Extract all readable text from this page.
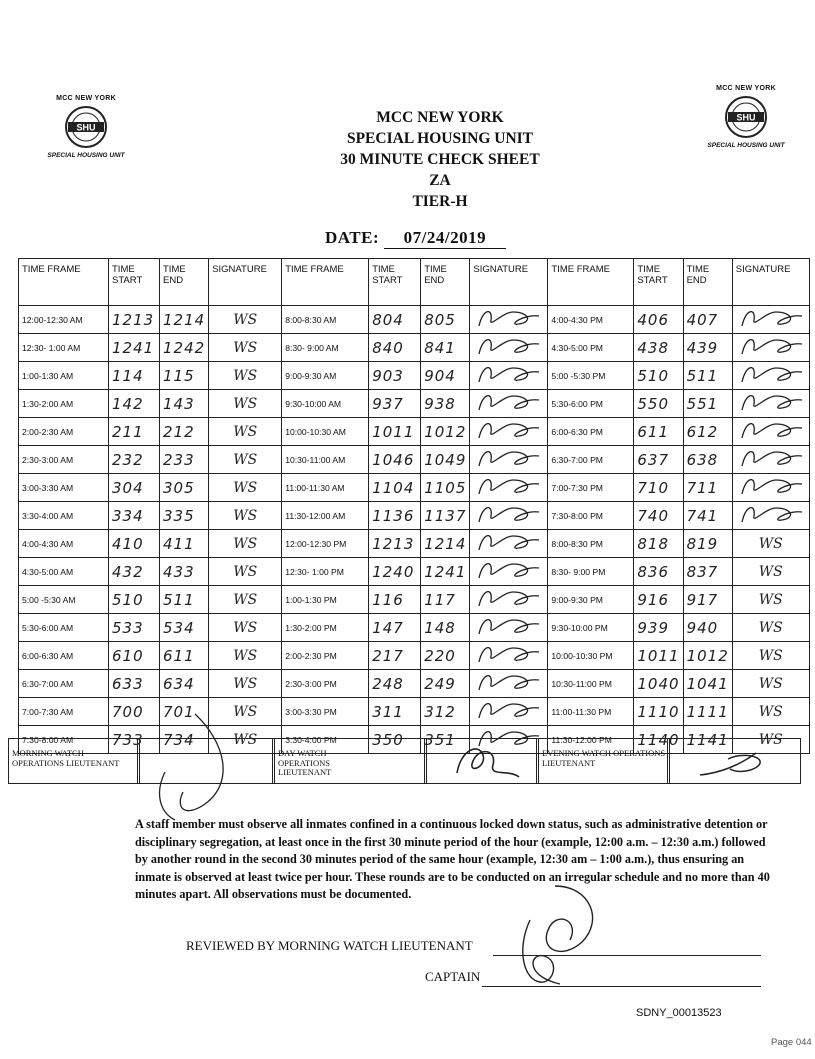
MCC NEW YORK
SHU
SPECIAL HOUSING UNIT
MCC NEW YORK
SHU
SPECIAL HOUSING UNIT
MCC NEW YORK
SPECIAL HOUSING UNIT
30 MINUTE CHECK SHEET
ZA
TIER-H
DATE: 07/24/2019
TIME FRAME	TIME START	TIME END	SIGNATURE	TIME FRAME	TIME START	TIME END	SIGNATURE	TIME FRAME	TIME START	TIME END	SIGNATURE
12:00-12:30 AM	1213	1214	WS	8:00-8:30 AM	804	805		4:00-4:30 PM	406	407	
12:30- 1:00 AM	1241	1242	WS	8:30- 9:00 AM	840	841		4:30-5:00 PM	438	439	
1:00-1:30 AM	114	115	WS	9:00-9:30 AM	903	904		5:00 -5:30 PM	510	511	
1:30-2:00 AM	142	143	WS	9:30-10:00 AM	937	938		5:30-6:00 PM	550	551	
2:00-2:30 AM	211	212	WS	10:00-10:30 AM	1011	1012		6:00-6:30 PM	611	612	
2:30-3:00 AM	232	233	WS	10:30-11:00 AM	1046	1049		6:30-7:00 PM	637	638	
3:00-3:30 AM	304	305	WS	11:00-11:30 AM	1104	1105		7:00-7:30 PM	710	711	
3:30-4:00 AM	334	335	WS	11:30-12:00 AM	1136	1137		7:30-8:00 PM	740	741	
4:00-4:30 AM	410	411	WS	12:00-12:30 PM	1213	1214		8:00-8:30 PM	818	819	WS
4:30-5:00 AM	432	433	WS	12:30- 1:00 PM	1240	1241		8:30- 9:00 PM	836	837	WS
5:00 -5:30 AM	510	511	WS	1:00-1:30 PM	116	117		9:00-9:30 PM	916	917	WS
5:30-6:00 AM	533	534	WS	1:30-2:00 PM	147	148		9:30-10:00 PM	939	940	WS
6:00-6:30 AM	610	611	WS	2:00-2:30 PM	217	220		10:00-10:30 PM	1011	1012	WS
6:30-7:00 AM	633	634	WS	2:30-3:00 PM	248	249		10:30-11:00 PM	1040	1041	WS
7:00-7:30 AM	700	701	WS	3:00-3:30 PM	311	312		11:00-11:30 PM	1110	1111	WS
7:30-8:00 AM	733	734	WS	3:30-4:00 PM	350	351		11:30-12:00 PM	1140	1141	WS
MORNING WATCH OPERATIONS LIEUTENANT
DAY WATCH OPERATIONS LIEUTENANT
EVENING WATCH OPERATIONS LIEUTENANT
A staff member must observe all inmates confined in a continuous locked down status, such as administrative detention or disciplinary segregation, at least once in the first 30 minute period of the hour (example, 12:00 a.m. – 12:30 a.m.) followed by another round in the second 30 minutes period of the same hour (example, 12:30 am – 1:00 a.m.), thus ensuring an inmate is observed at least twice per hour. These rounds are to be conducted on an irregular schedule and no more than 40 minutes apart. All observations must be documented.
REVIEWED BY MORNING WATCH LIEUTENANT
CAPTAIN
SDNY_00013523
Page 044
